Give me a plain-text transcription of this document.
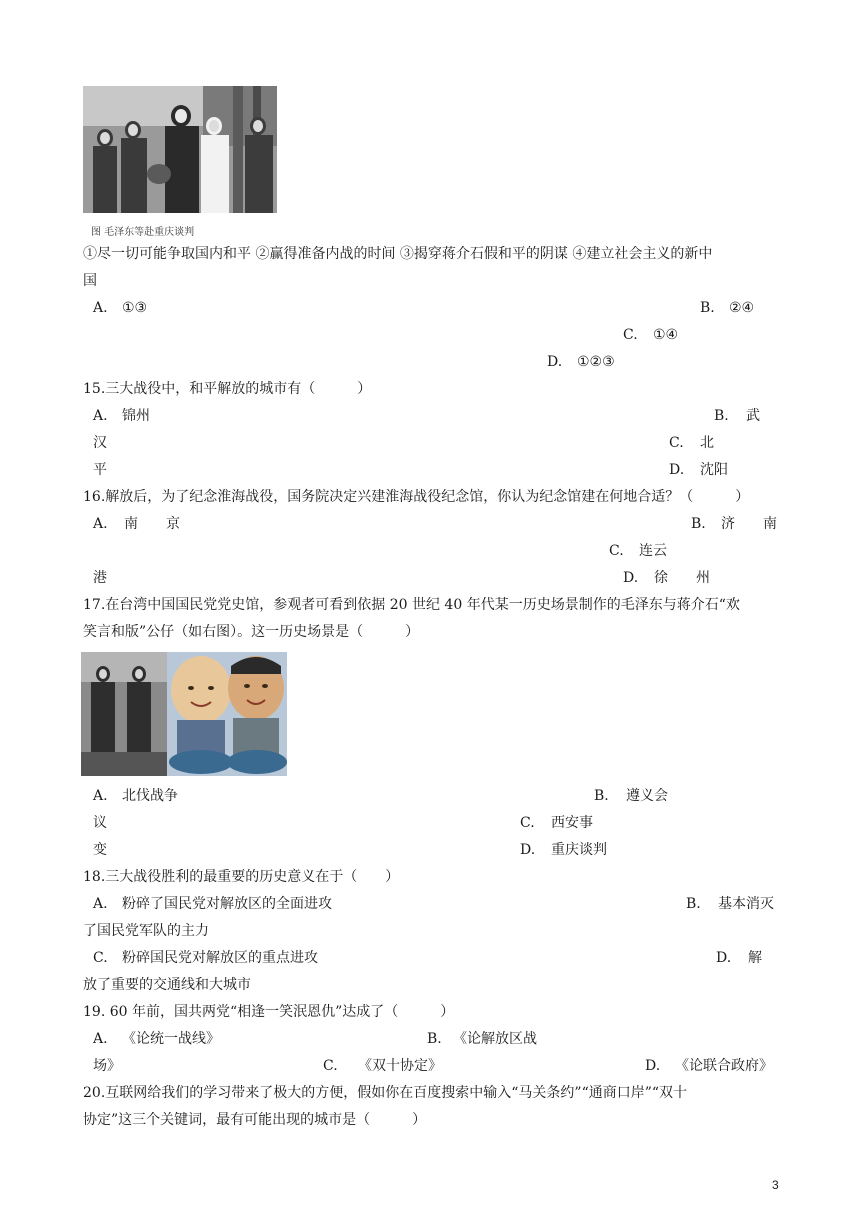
图 毛泽东等赴重庆谈判
①尽一切可能争取国内和平 ②赢得准备内战的时间 ③揭穿蒋介石假和平的阴谋 ④建立社会主义的新中
国
A. ①③	B. ②④
C. ①④
D. ①②③
15.三大战役中，和平解放的城市有（　　　）
A. 锦州	B. 武
汉	C. 北
平	D. 沈阳
16.解放后，为了纪念淮海战役，国务院决定兴建淮海战役纪念馆，你认为纪念馆建在何地合适？（　　　）
A. 南　　京	B. 济　　南
C. 连云
港	D. 徐　　州
17.在台湾中国国民党党史馆，参观者可看到依据 20 世纪 40 年代某一历史场景制作的毛泽东与蒋介石“欢
笑言和版”公仔（如右图）。这一历史场景是（　　　）
A. 北伐战争	B. 遵义会
议	C. 西安事
变	D. 重庆谈判
18.三大战役胜利的最重要的历史意义在于（　　）
A. 粉碎了国民党对解放区的全面进攻	B. 基本消灭
了国民党军队的主力
C. 粉碎国民党对解放区的重点进攻	D. 解
放了重要的交通线和大城市
19. 60 年前，国共两党“相逢一笑泯恩仇”达成了（　　　）
A. 《论统一战线》	B. 《论解放区战
场》	C. 《双十协定》	D. 《论联合政府》
20.互联网给我们的学习带来了极大的方便，假如你在百度搜索中输入“马关条约”“通商口岸”“双十
协定”这三个关键词，最有可能出现的城市是（　　　）
3
